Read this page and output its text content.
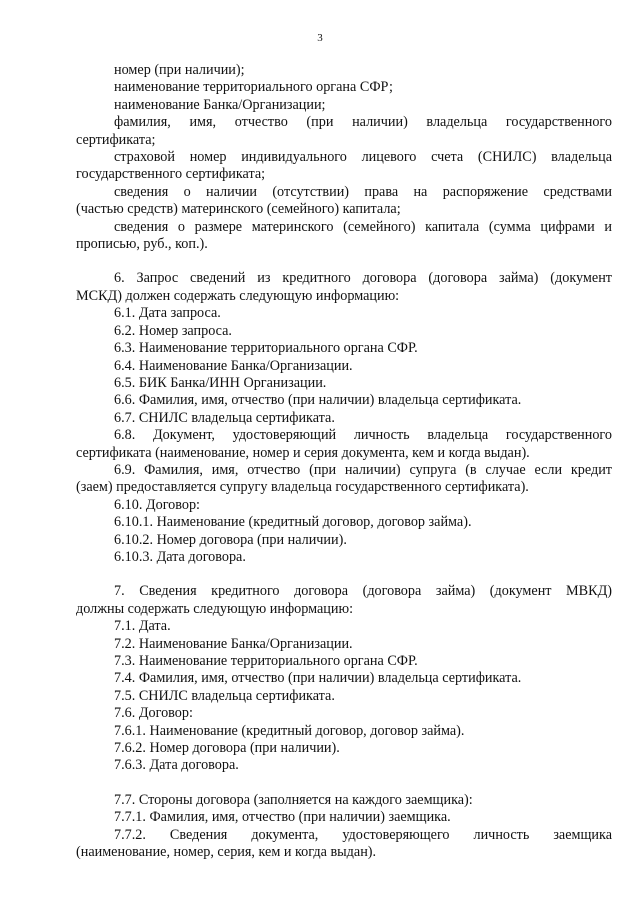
3

номер (при наличии);

наименование территориального органа СФР;

наименование Банка/Организации;

фамилия, имя, отчество (при наличии) владельца государственного

сертификата;

страховой номер индивидуального лицевого счета (СНИЛС) владельца

государственного сертификата;

сведения о наличии (отсутствии) права на распоряжение средствами

(частью средств) материнского (семейного) капитала;

сведения о размере материнского (семейного) капитала (сумма цифрами и

прописью, руб., коп.).

6. Запрос сведений из кредитного договора (договора займа) (документ

МСКД) должен содержать следующую информацию:

6.1. Дата запроса.

6.2. Номер запроса.

6.3. Наименование территориального органа СФР.

6.4. Наименование Банка/Организации.

6.5. БИК Банка/ИНН Организации.

6.6. Фамилия, имя, отчество (при наличии) владельца сертификата.

6.7. СНИЛС владельца сертификата.

6.8. Документ, удостоверяющий личность владельца государственного

сертификата (наименование, номер и серия документа, кем и когда выдан).

6.9. Фамилия, имя, отчество (при наличии) супруга (в случае если кредит

(заем) предоставляется супругу владельца государственного сертификата).

6.10. Договор:

6.10.1. Наименование (кредитный договор, договор займа).

6.10.2. Номер договора (при наличии).

6.10.3. Дата договора.

7. Сведения кредитного договора (договора займа) (документ МВКД)

должны содержать следующую информацию:

7.1. Дата.

7.2. Наименование Банка/Организации.

7.3. Наименование территориального органа СФР.

7.4. Фамилия, имя, отчество (при наличии) владельца сертификата.

7.5. СНИЛС владельца сертификата.

7.6. Договор:

7.6.1. Наименование (кредитный договор, договор займа).

7.6.2. Номер договора (при наличии).

7.6.3. Дата договора.

7.7. Стороны договора (заполняется на каждого заемщика):

7.7.1. Фамилия, имя, отчество (при наличии) заемщика.

7.7.2. Сведения документа, удостоверяющего личность заемщика

(наименование, номер, серия, кем и когда выдан).
